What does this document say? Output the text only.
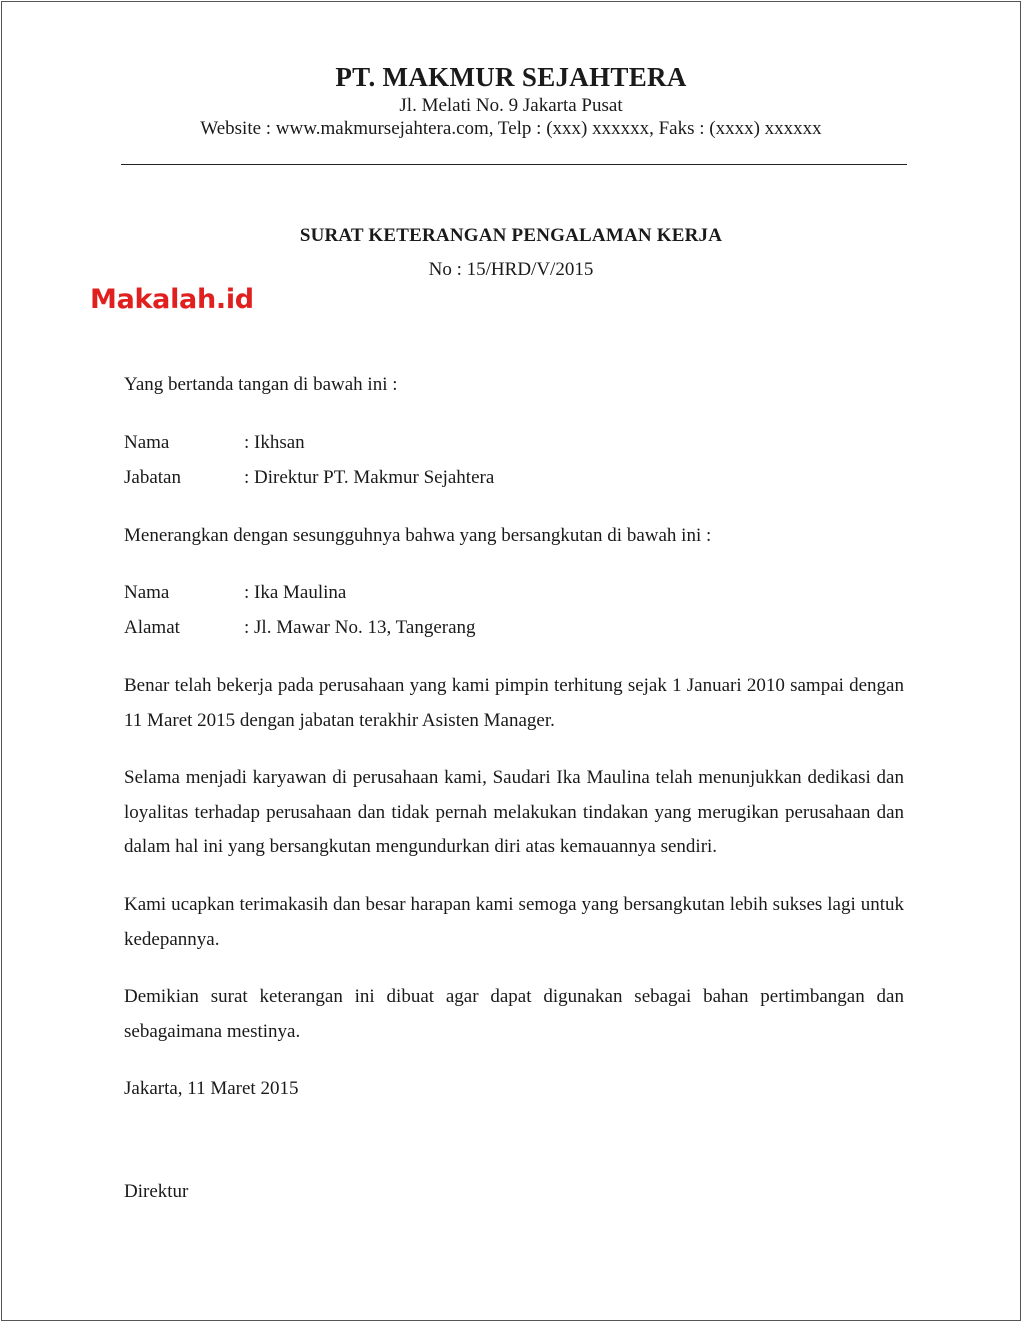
PT. MAKMUR SEJAHTERA
Jl. Melati No. 9 Jakarta Pusat
Website : www.makmursejahtera.com, Telp : (xxx) xxxxxx, Faks : (xxxx) xxxxxx
SURAT KETERANGAN PENGALAMAN KERJA
No : 15/HRD/V/2015
Makalah.id
Yang bertanda tangan di bawah ini :
Nama	: Ikhsan
Jabatan	: Direktur PT. Makmur Sejahtera
Menerangkan dengan sesungguhnya bahwa yang bersangkutan di bawah ini :
Nama	: Ika Maulina
Alamat	: Jl. Mawar No. 13, Tangerang
Benar telah bekerja pada perusahaan yang kami pimpin terhitung sejak 1 Januari 2010 sampai dengan 11 Maret 2015 dengan jabatan terakhir Asisten Manager.
Selama menjadi karyawan di perusahaan kami, Saudari Ika Maulina telah menunjukkan dedikasi dan loyalitas terhadap perusahaan dan tidak pernah melakukan tindakan yang merugikan perusahaan dan dalam hal ini yang bersangkutan mengundurkan diri atas kemauannya sendiri.
Kami ucapkan terimakasih dan besar harapan kami semoga yang bersangkutan lebih sukses lagi untuk kedepannya.
Demikian surat keterangan ini dibuat agar dapat digunakan sebagai bahan pertimbangan dan sebagaimana mestinya.
Jakarta, 11 Maret 2015
Direktur
